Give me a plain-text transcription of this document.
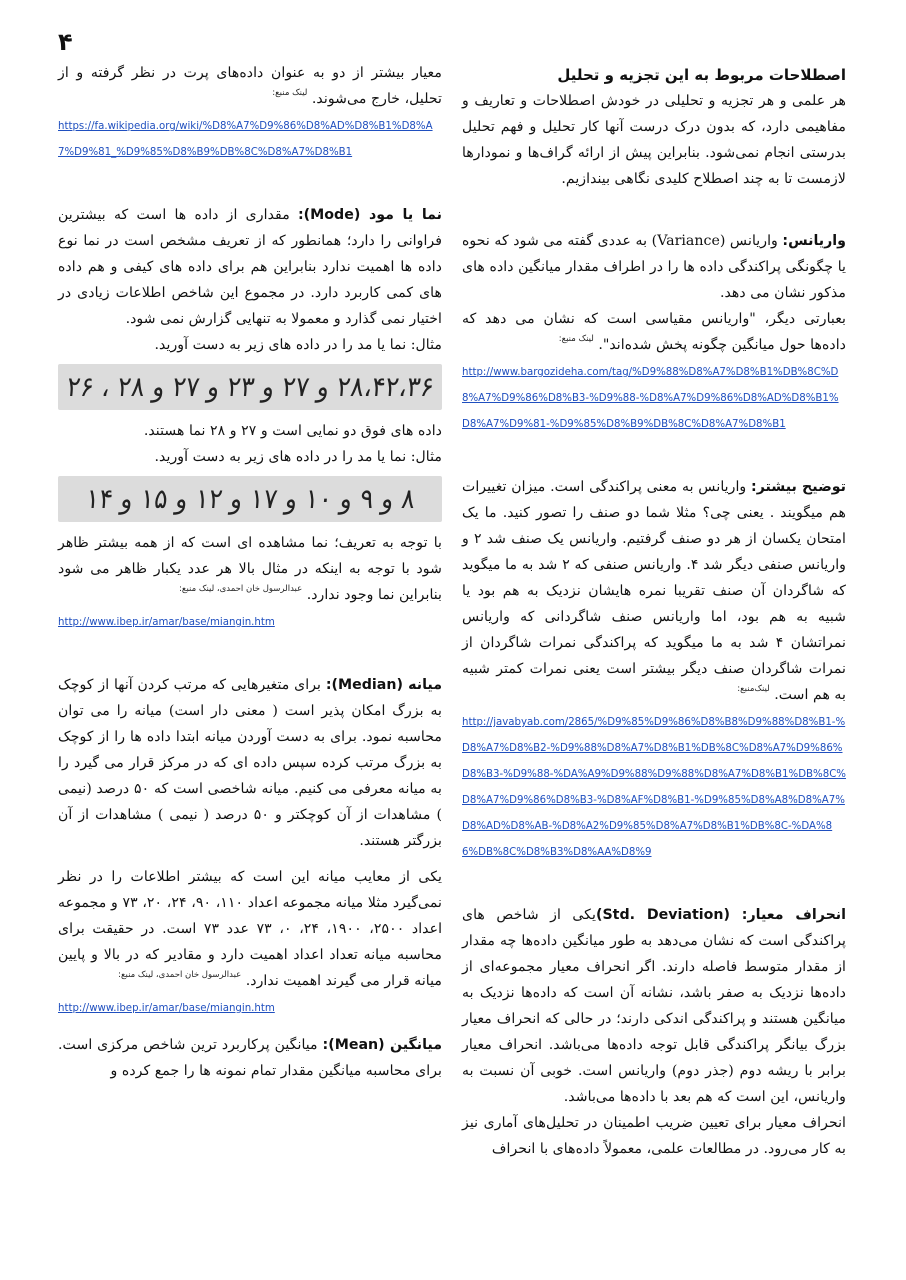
۴

اصطلاحات مربوط به این تجزیه و تحلیل

هر علمی و هر تجزیه و تحلیلی در خودش اصطلاحات و تعاریف و مفاهیمی دارد، که بدون درک درست آنها کار تحلیل و فهم تحلیل بدرستی انجام نمی‌شود. بنابراین پیش از ارائه گراف‌ها و نمودارها لازمست تا به چند اصطلاح کلیدی نگاهی بیندازیم.

واریانس: واریانس (Variance) به عددی گفته می شود که نحوه یا چگونگی پراکندگی داده ها را در اطراف مقدار میانگین داده های مذکور نشان می دهد.

بعبارتی دیگر، "واریانس مقیاسی است که نشان می دهد که داده‌ها حول میانگین چگونه پخش شده‌اند". $^{لینک منبع:}$

http://www.bargozideha.com/tag/%D9%88%D8%A7%D8%B1%DB%8C%D8%A7%D9%86%D8%B3-%D9%88-%D8%A7%D9%86%D8%AD%D8%B1%D8%A7%D9%81-%D9%85%D8%B9%DB%8C%D8%A7%D8%B1

توضیح بیشتر: واریانس به معنی پراکندگی است. میزان تغییرات هم میگویند . یعنی چی؟ مثلا شما دو صنف را تصور کنید. ما یک امتحان یکسان از هر دو صنف گرفتیم. واریانس یک صنف شد ۲ و واریانس صنفی دیگر شد ۴. واریانس صنفی که ۲ شد به ما میگوید که شاگردان آن صنف تقریبا نمره هایشان نزدیک به هم بود یا شبیه به هم بود، اما واریانس صنف شاگردانی که واریانس نمراتشان ۴ شد به ما میگوید که پراکندگی نمرات شاگردان از نمرات شاگردان صنف دیگر بیشتر است یعنی نمرات کمتر شبیه به هم است. $^{لینک‌منبع:}$

http://javabyab.com/2865/%D9%85%D9%86%D8%B8%D9%88%D8%B1-%D8%A7%D8%B2-%D9%88%D8%A7%D8%B1%DB%8C%D8%A7%D9%86%D8%B3-%D9%88-%DA%A9%D9%88%D9%88%D8%A7%D8%B1%DB%8C%D8%A7%D9%86%D8%B3-%D8%AF%D8%B1-%D9%85%D8%A8%D8%A7%D8%AD%D8%AB-%D8%A2%D9%85%D8%A7%D8%B1%DB%8C-%DA%86%DB%8C%D8%B3%D8%AA%D8%9

انحراف معیار: (Std. Deviation)یکی از شاخص های پراکندگی است که نشان می‌دهد به طور میانگین داده‌ها چه مقدار از مقدار متوسط فاصله دارند. اگر انحراف معیار مجموعه‌ای از داده‌ها نزدیک به صفر باشد، نشانه آن است که داده‌ها نزدیک به میانگین هستند و پراکندگی اندکی دارند؛ در حالی که انحراف معیار بزرگ بیانگر پراکندگی قابل توجه داده‌ها می‌باشد. انحراف معیار برابر با ریشه دوم (جذر دوم) واریانس است. خوبی آن نسبت به واریانس، این است که هم بعد با داده‌ها می‌باشد.

انحراف معیار برای تعیین ضریب اطمینان در تحلیل‌های آماری نیز به کار می‌رود. در مطالعات علمی، معمولاً داده‌های با انحراف

معیار بیشتر از دو به عنوان داده‌های پرت در نظر گرفته و از تحلیل، خارج می‌شوند. $^{لینک منبع:}$

https://fa.wikipedia.org/wiki/%D8%A7%D9%86%D8%AD%D8%B1%D8%A7%D9%81_%D9%85%D8%B9%DB%8C%D8%A7%D8%B1

نما یا مود (Mode): مقداری از داده ها است که بیشترین فراوانی را دارد؛ همانطور که از تعریف مشخص است در نما نوع داده ها اهمیت ندارد بنابراین هم برای داده های کیفی و هم داده های کمی کاربرد دارد. در مجموع این شاخص اطلاعات زیادی در اختیار نمی گذارد و معمولا به تنهایی گزارش نمی شود.

مثال: نما یا مد را در داده های زیر به دست آورید.

۲۸،۴۲،۳۶ و ۲۷ و ۲۳ و ۲۷ و ۲۸ ، ۲۶

داده های فوق دو نمایی است و ۲۷ و ۲۸ نما هستند.

مثال: نما یا مد را در داده های زیر به دست آورید.

۸ و ۹ و ۱۰ و ۱۷ و ۱۲ و ۱۵ و ۱۴

با توجه به تعریف؛ نما مشاهده ای است که از همه بیشتر ظاهر شود با توجه به اینکه در مثال بالا هر عدد یکبار ظاهر می شود بنابراین نما وجود ندارد. $^{عبدالرسول خان احمدی، لینک منبع:}$

http://www.ibep.ir/amar/base/miangin.htm

میانه (Median): برای متغیرهایی که مرتب کردن آنها از کوچک به بزرگ امکان پذیر است ( معنی دار است) میانه را می توان محاسبه نمود. برای به دست آوردن میانه ابتدا داده ها را از کوچک به بزرگ مرتب کرده سپس داده ای که در مرکز قرار می گیرد را به میانه معرفی می کنیم. میانه شاخصی است که ۵۰ درصد (نیمی ) مشاهدات از آن کوچکتر و ۵۰ درصد ( نیمی ) مشاهدات از آن بزرگتر هستند.

یکی از معایب میانه این است که بیشتر اطلاعات را در نظر نمی‌گیرد مثلا میانه مجموعه اعداد ۱۱۰، ۹۰، ۲۴، ۲۰، ۷۳ و مجموعه اعداد ۲۵۰۰، ۱۹۰۰، ۲۴، ۰، ۷۳ عدد ۷۳ است. در حقیقت برای محاسبه میانه تعداد اعداد اهمیت دارد و مقادیر که در بالا و پایین میانه قرار می گیرند اهمیت ندارد. $^{عبدالرسول خان احمدی، لینک منبع:}$

http://www.ibep.ir/amar/base/miangin.htm

میانگین (Mean): میانگین پرکاربرد ترین شاخص مرکزی است. برای محاسبه میانگین مقدار تمام نمونه ها را جمع کرده و
